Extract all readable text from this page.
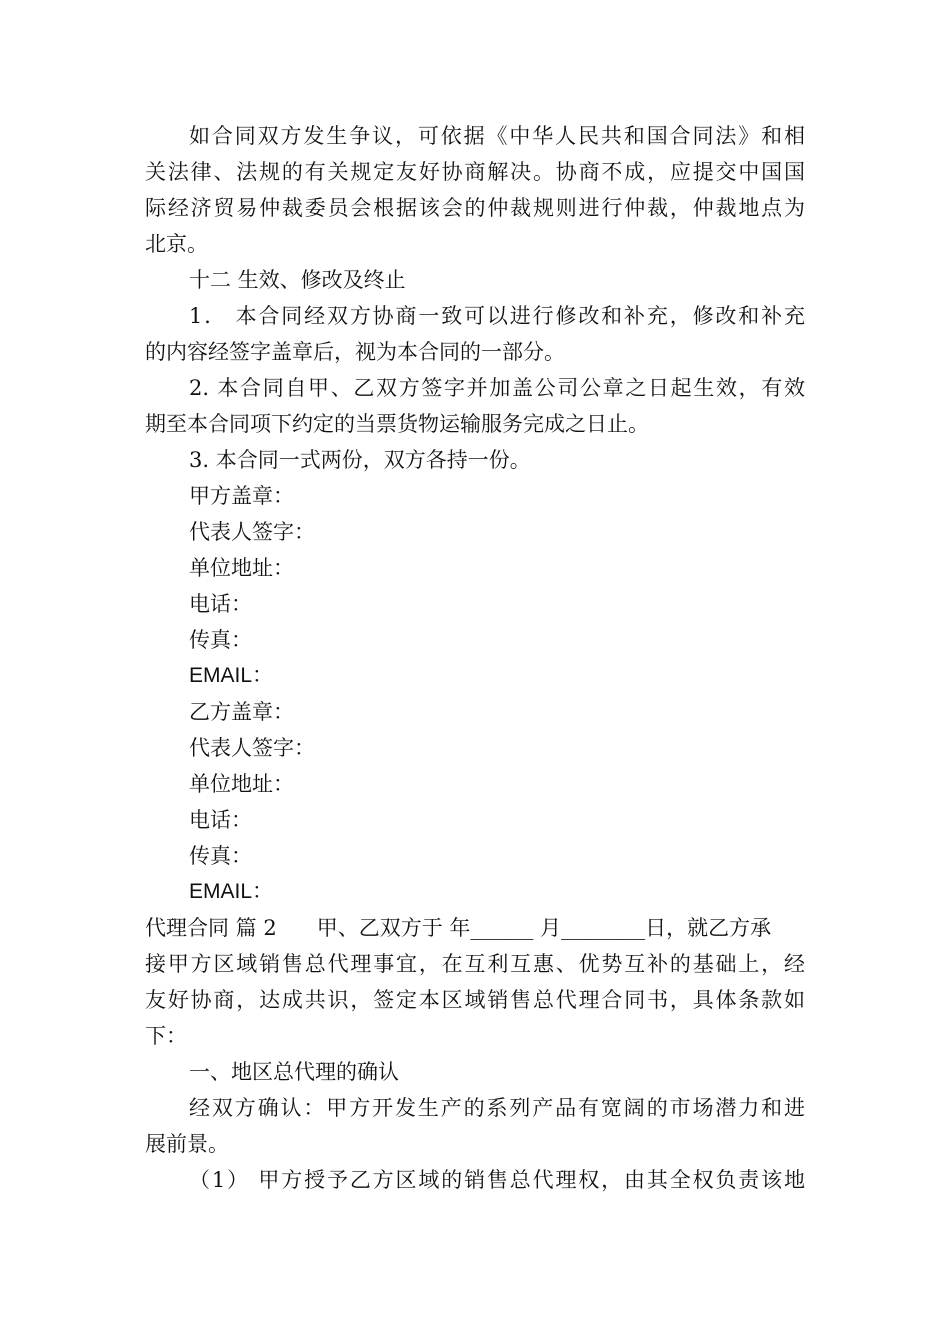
如合同双方发生争议，可依据《中华人民共和国合同法》和相
关法律、法规的有关规定友好协商解决。协商不成，应提交中国国
际经济贸易仲裁委员会根据该会的仲裁规则进行仲裁，仲裁地点为
北京。
十二 生效、修改及终止
1． 本合同经双方协商一致可以进行修改和补充，修改和补充
的内容经签字盖章后，视为本合同的一部分。
2. 本合同自甲、乙双方签字并加盖公司公章之日起生效，有效
期至本合同项下约定的当票货物运输服务完成之日止。
3. 本合同一式两份，双方各持一份。
甲方盖章：
代表人签字：
单位地址：
电话：
传真：
EMAIL：
乙方盖章：
代表人签字：
单位地址：
电话：
传真：
EMAIL：
代理合同 篇 2 甲、乙双方于 年______ 月________日，就乙方承
接甲方区域销售总代理事宜，在互利互惠、优势互补的基础上，经
友好协商，达成共识，签定本区域销售总代理合同书，具体条款如
下：
一、地区总代理的确认
经双方确认：甲方开发生产的系列产品有宽阔的市场潜力和进
展前景。
（1） 甲方授予乙方区域的销售总代理权，由其全权负责该地
